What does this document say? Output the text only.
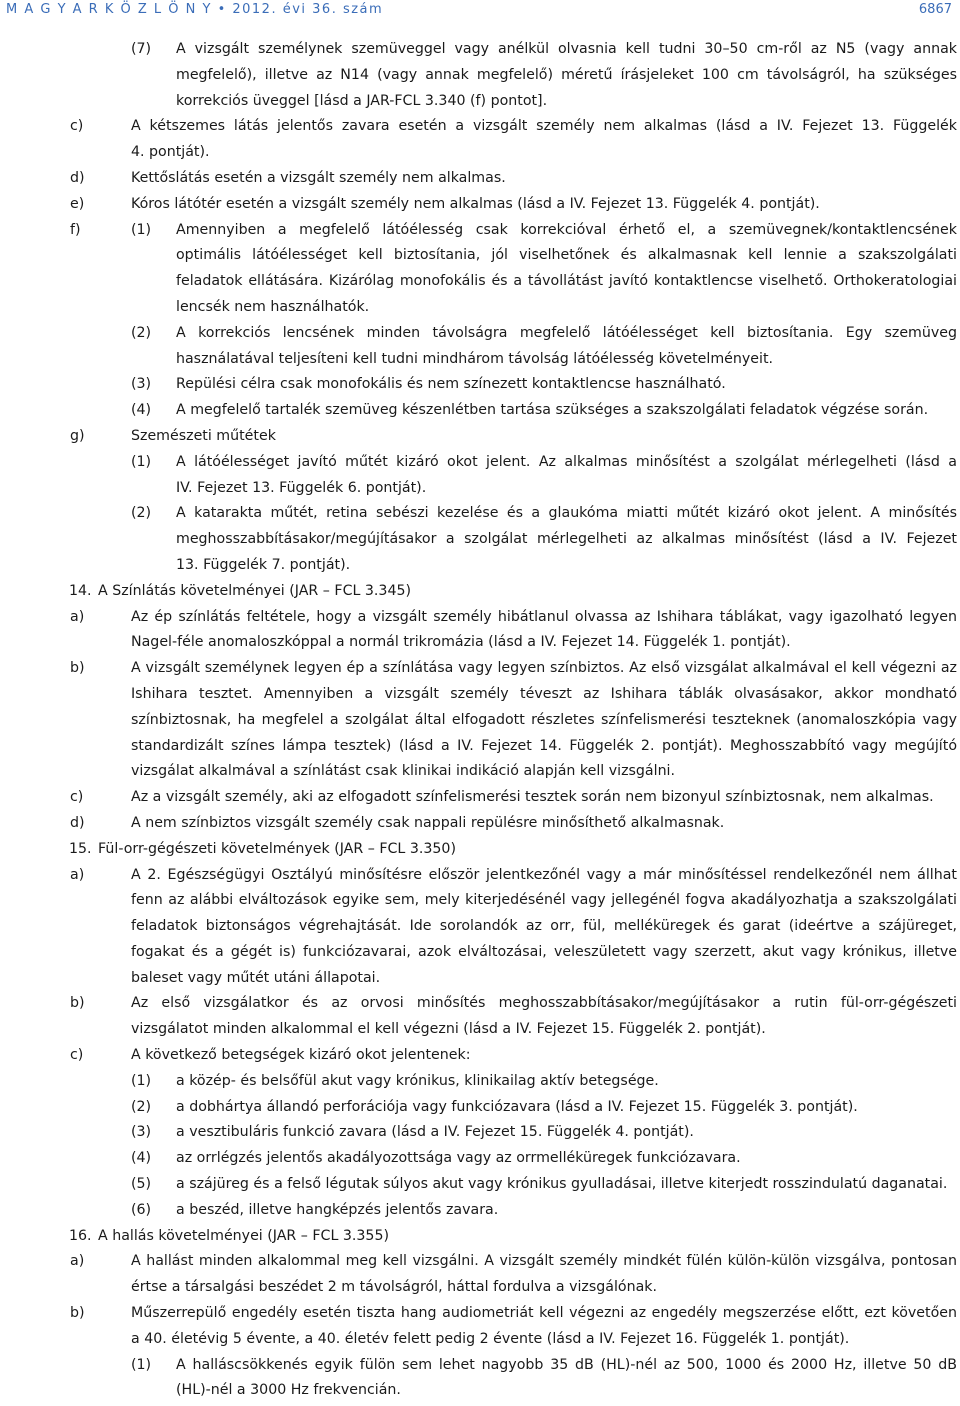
M A G Y A R K Ö Z L Ö N Y • 2012. évi 36. szám	6867
(7) A vizsgált személynek szemüveggel vagy anélkül olvasnia kell tudni 30–50 cm-ről az N5 (vagy annak
megfelelő), illetve az N14 (vagy annak megfelelő) méretű írásjeleket 100 cm távolságról, ha szükséges
korrekciós üveggel [lásd a JAR-FCL 3.340 (f) pontot].
c)	A kétszemes látás jelentős zavara esetén a vizsgált személy nem alkalmas (lásd a IV. Fejezet 13. Függelék
4. pontját).
d)	Kettőslátás esetén a vizsgált személy nem alkalmas.
e)	Kóros látótér esetén a vizsgált személy nem alkalmas (lásd a IV. Fejezet 13. Függelék 4. pontját).
f)	(1) Amennyiben a megfelelő látóélesség csak korrekcióval érhető el, a szemüvegnek/kontaktlencsének
optimális látóélességet kell biztosítania, jól viselhetőnek és alkalmasnak kell lennie a szakszolgálati
feladatok ellátására. Kizárólag monofokális és a távollátást javító kontaktlencse viselhető. Orthokeratologiai
lencsék nem használhatók.
(2) A korrekciós lencsének minden távolságra megfelelő látóélességet kell biztosítania. Egy szemüveg
használatával teljesíteni kell tudni mindhárom távolság látóélesség követelményeit.
(3) Repülési célra csak monofokális és nem színezett kontaktlencse használható.
(4) A megfelelő tartalék szemüveg készenlétben tartása szükséges a szakszolgálati feladatok végzése során.
g)	Szemészeti műtétek
(1) A látóélességet javító műtét kizáró okot jelent. Az alkalmas minősítést a szolgálat mérlegelheti (lásd a
IV. Fejezet 13. Függelék 6. pontját).
(2) A katarakta műtét, retina sebészi kezelése és a glaukóma miatti műtét kizáró okot jelent. A minősítés
meghosszabbításakor/megújításakor a szolgálat mérlegelheti az alkalmas minősítést (lásd a IV. Fejezet
13. Függelék 7. pontját).
14. A Színlátás követelményei (JAR – FCL 3.345)
a)	Az ép színlátás feltétele, hogy a vizsgált személy hibátlanul olvassa az Ishihara táblákat, vagy igazolható legyen
Nagel-féle anomaloszkóppal a normál trikromázia (lásd a IV. Fejezet 14. Függelék 1. pontját).
b)	A vizsgált személynek legyen ép a színlátása vagy legyen színbiztos. Az első vizsgálat alkalmával el kell végezni az
Ishihara tesztet. Amennyiben a vizsgált személy téveszt az Ishihara táblák olvasásakor, akkor mondható
színbiztosnak, ha megfelel a szolgálat által elfogadott részletes színfelismerési teszteknek (anomaloszkópia vagy
standardizált színes lámpa tesztek) (lásd a IV. Fejezet 14. Függelék 2. pontját). Meghosszabbító vagy megújító
vizsgálat alkalmával a színlátást csak klinikai indikáció alapján kell vizsgálni.
c)	Az a vizsgált személy, aki az elfogadott színfelismerési tesztek során nem bizonyul színbiztosnak, nem alkalmas.
d)	A nem színbiztos vizsgált személy csak nappali repülésre minősíthető alkalmasnak.
15. Fül-orr-gégészeti követelmények (JAR – FCL 3.350)
a)	A 2. Egészségügyi Osztályú minősítésre először jelentkezőnél vagy a már minősítéssel rendelkezőnél nem állhat
fenn az alábbi elváltozások egyike sem, mely kiterjedésénél vagy jellegénél fogva akadályozhatja a szakszolgálati
feladatok biztonságos végrehajtását. Ide sorolandók az orr, fül, melléküregek és garat (ideértve a szájüreget,
fogakat és a gégét is) funkciózavarai, azok elváltozásai, veleszületett vagy szerzett, akut vagy krónikus, illetve
baleset vagy műtét utáni állapotai.
b)	Az első vizsgálatkor és az orvosi minősítés meghosszabbításakor/megújításakor a rutin fül-orr-gégészeti
vizsgálatot minden alkalommal el kell végezni (lásd a IV. Fejezet 15. Függelék 2. pontját).
c)	A következő betegségek kizáró okot jelentenek:
(1) a közép- és belsőfül akut vagy krónikus, klinikailag aktív betegsége.
(2) a dobhártya állandó perforációja vagy funkciózavara (lásd a IV. Fejezet 15. Függelék 3. pontját).
(3) a vesztibuláris funkció zavara (lásd a IV. Fejezet 15. Függelék 4. pontját).
(4) az orrlégzés jelentős akadályozottsága vagy az orrmelléküregek funkciózavara.
(5) a szájüreg és a felső légutak súlyos akut vagy krónikus gyulladásai, illetve kiterjedt rosszindulatú daganatai.
(6) a beszéd, illetve hangképzés jelentős zavara.
16. A hallás követelményei (JAR – FCL 3.355)
a)	A hallást minden alkalommal meg kell vizsgálni. A vizsgált személy mindkét fülén külön-külön vizsgálva, pontosan
értse a társalgási beszédet 2 m távolságról, háttal fordulva a vizsgálónak.
b)	Műszerrepülő engedély esetén tiszta hang audiometriát kell végezni az engedély megszerzése előtt, ezt követően
a 40. életévig 5 évente, a 40. életév felett pedig 2 évente (lásd a IV. Fejezet 16. Függelék 1. pontját).
(1) A halláscsökkenés egyik fülön sem lehet nagyobb 35 dB (HL)-nél az 500, 1000 és 2000 Hz, illetve 50 dB
(HL)-nél a 3000 Hz frekvencián.
